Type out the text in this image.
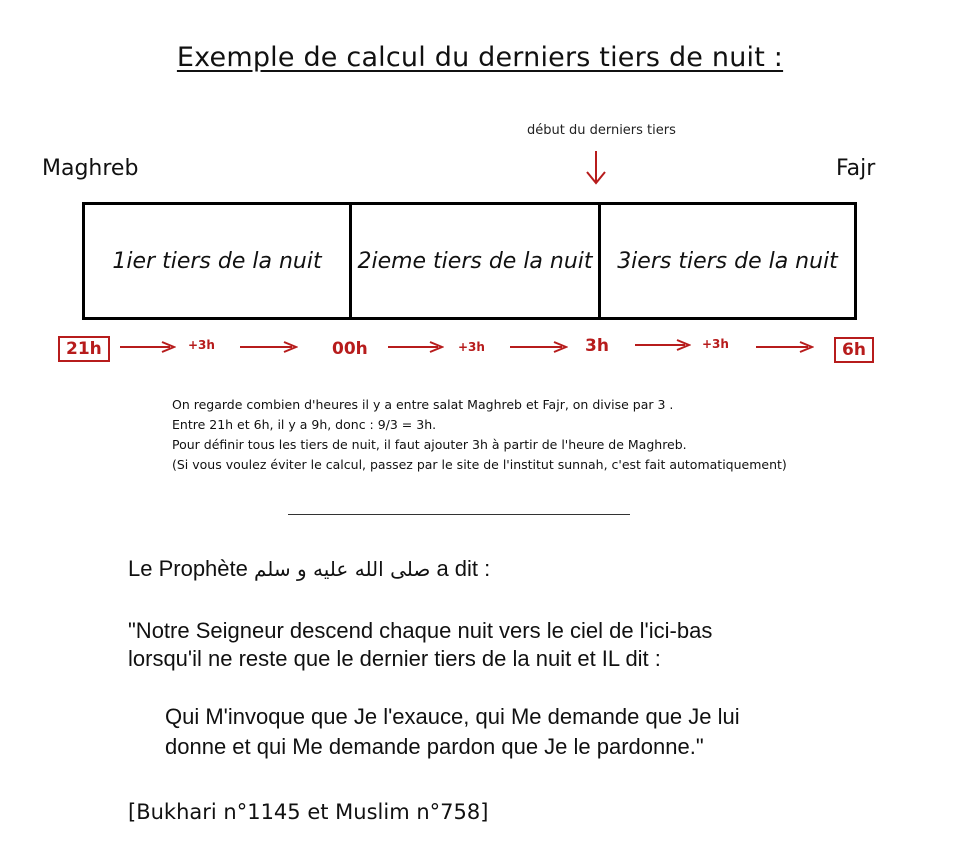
Exemple de calcul du derniers tiers de nuit :
début du derniers tiers
Maghreb	Fajr
1ier tiers de la nuit	2ieme tiers de la nuit	3iers tiers de la nuit
21h	+3h	00h	+3h	3h	+3h	6h
On regarde combien d'heures il y a entre salat Maghreb et Fajr, on divise par 3 .
Entre 21h et 6h, il y a 9h, donc : 9/3 = 3h.
Pour définir tous les tiers de nuit, il faut ajouter 3h à partir de l'heure de Maghreb.
(Si vous voulez éviter le calcul, passez par le site de l'institut sunnah, c'est fait automatiquement)
Le Prophète صلى الله عليه و سلم a dit :
"Notre Seigneur descend chaque nuit vers le ciel de l'ici-bas
lorsqu'il ne reste que le dernier tiers de la nuit et IL dit :
Qui M'invoque que Je l'exauce, qui Me demande que Je lui
donne et qui Me demande pardon que Je le pardonne."
[Bukhari n°1145 et Muslim n°758]
